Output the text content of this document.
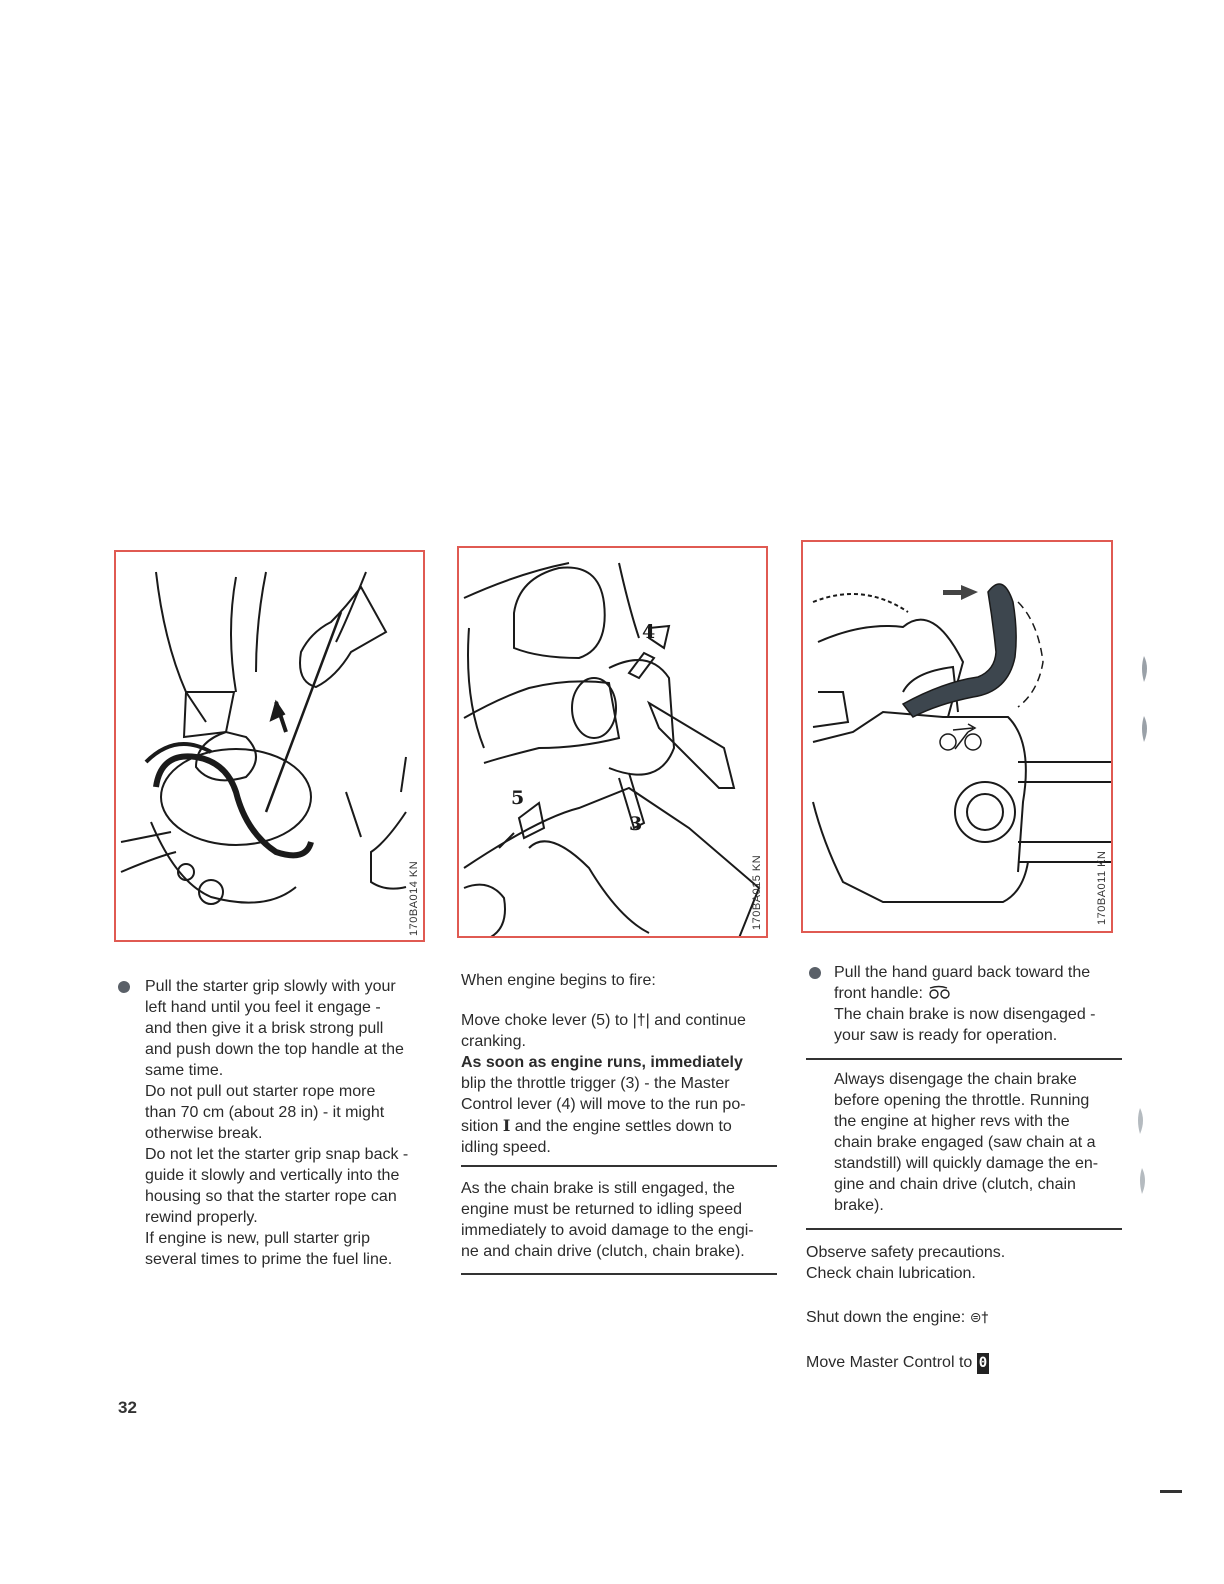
170BA014 KN
4
5
3
170BA015 KN	170BA011 KN

Pull the starter grip slowly with your

left hand until you feel it engage -

and then give it a brisk strong pull

and push down the top handle at the

same time.

Do not pull out starter rope more

than 70 cm (about 28 in) - it might

otherwise break.

Do not let the starter grip snap back -

guide it slowly and vertically into the

housing so that the starter rope can

rewind properly.

If engine is new, pull starter grip

several times to prime the fuel line.

When engine begins to fire:

Move choke lever (5) to |†| and continue

cranking.

As soon as engine runs, immediately

blip the throttle trigger (3) - the Master

Control lever (4) will move to the run po-

sition I and the engine settles down to

idling speed.

As the chain brake is still engaged, the

engine must be returned to idling speed

immediately to avoid damage to the engi-

ne and chain drive (clutch, chain brake).

Pull the hand guard back toward the

front handle:

The chain brake is now disengaged -

your saw is ready for operation.

Always disengage the chain brake

before opening the throttle. Running

the engine at higher revs with the

chain brake engaged (saw chain at a

standstill) will quickly damage the en-

gine and chain drive (clutch, chain

brake).

Observe safety precautions.

Check chain lubrication.

Shut down the engine: ⊜†

Move Master Control to 0

32
